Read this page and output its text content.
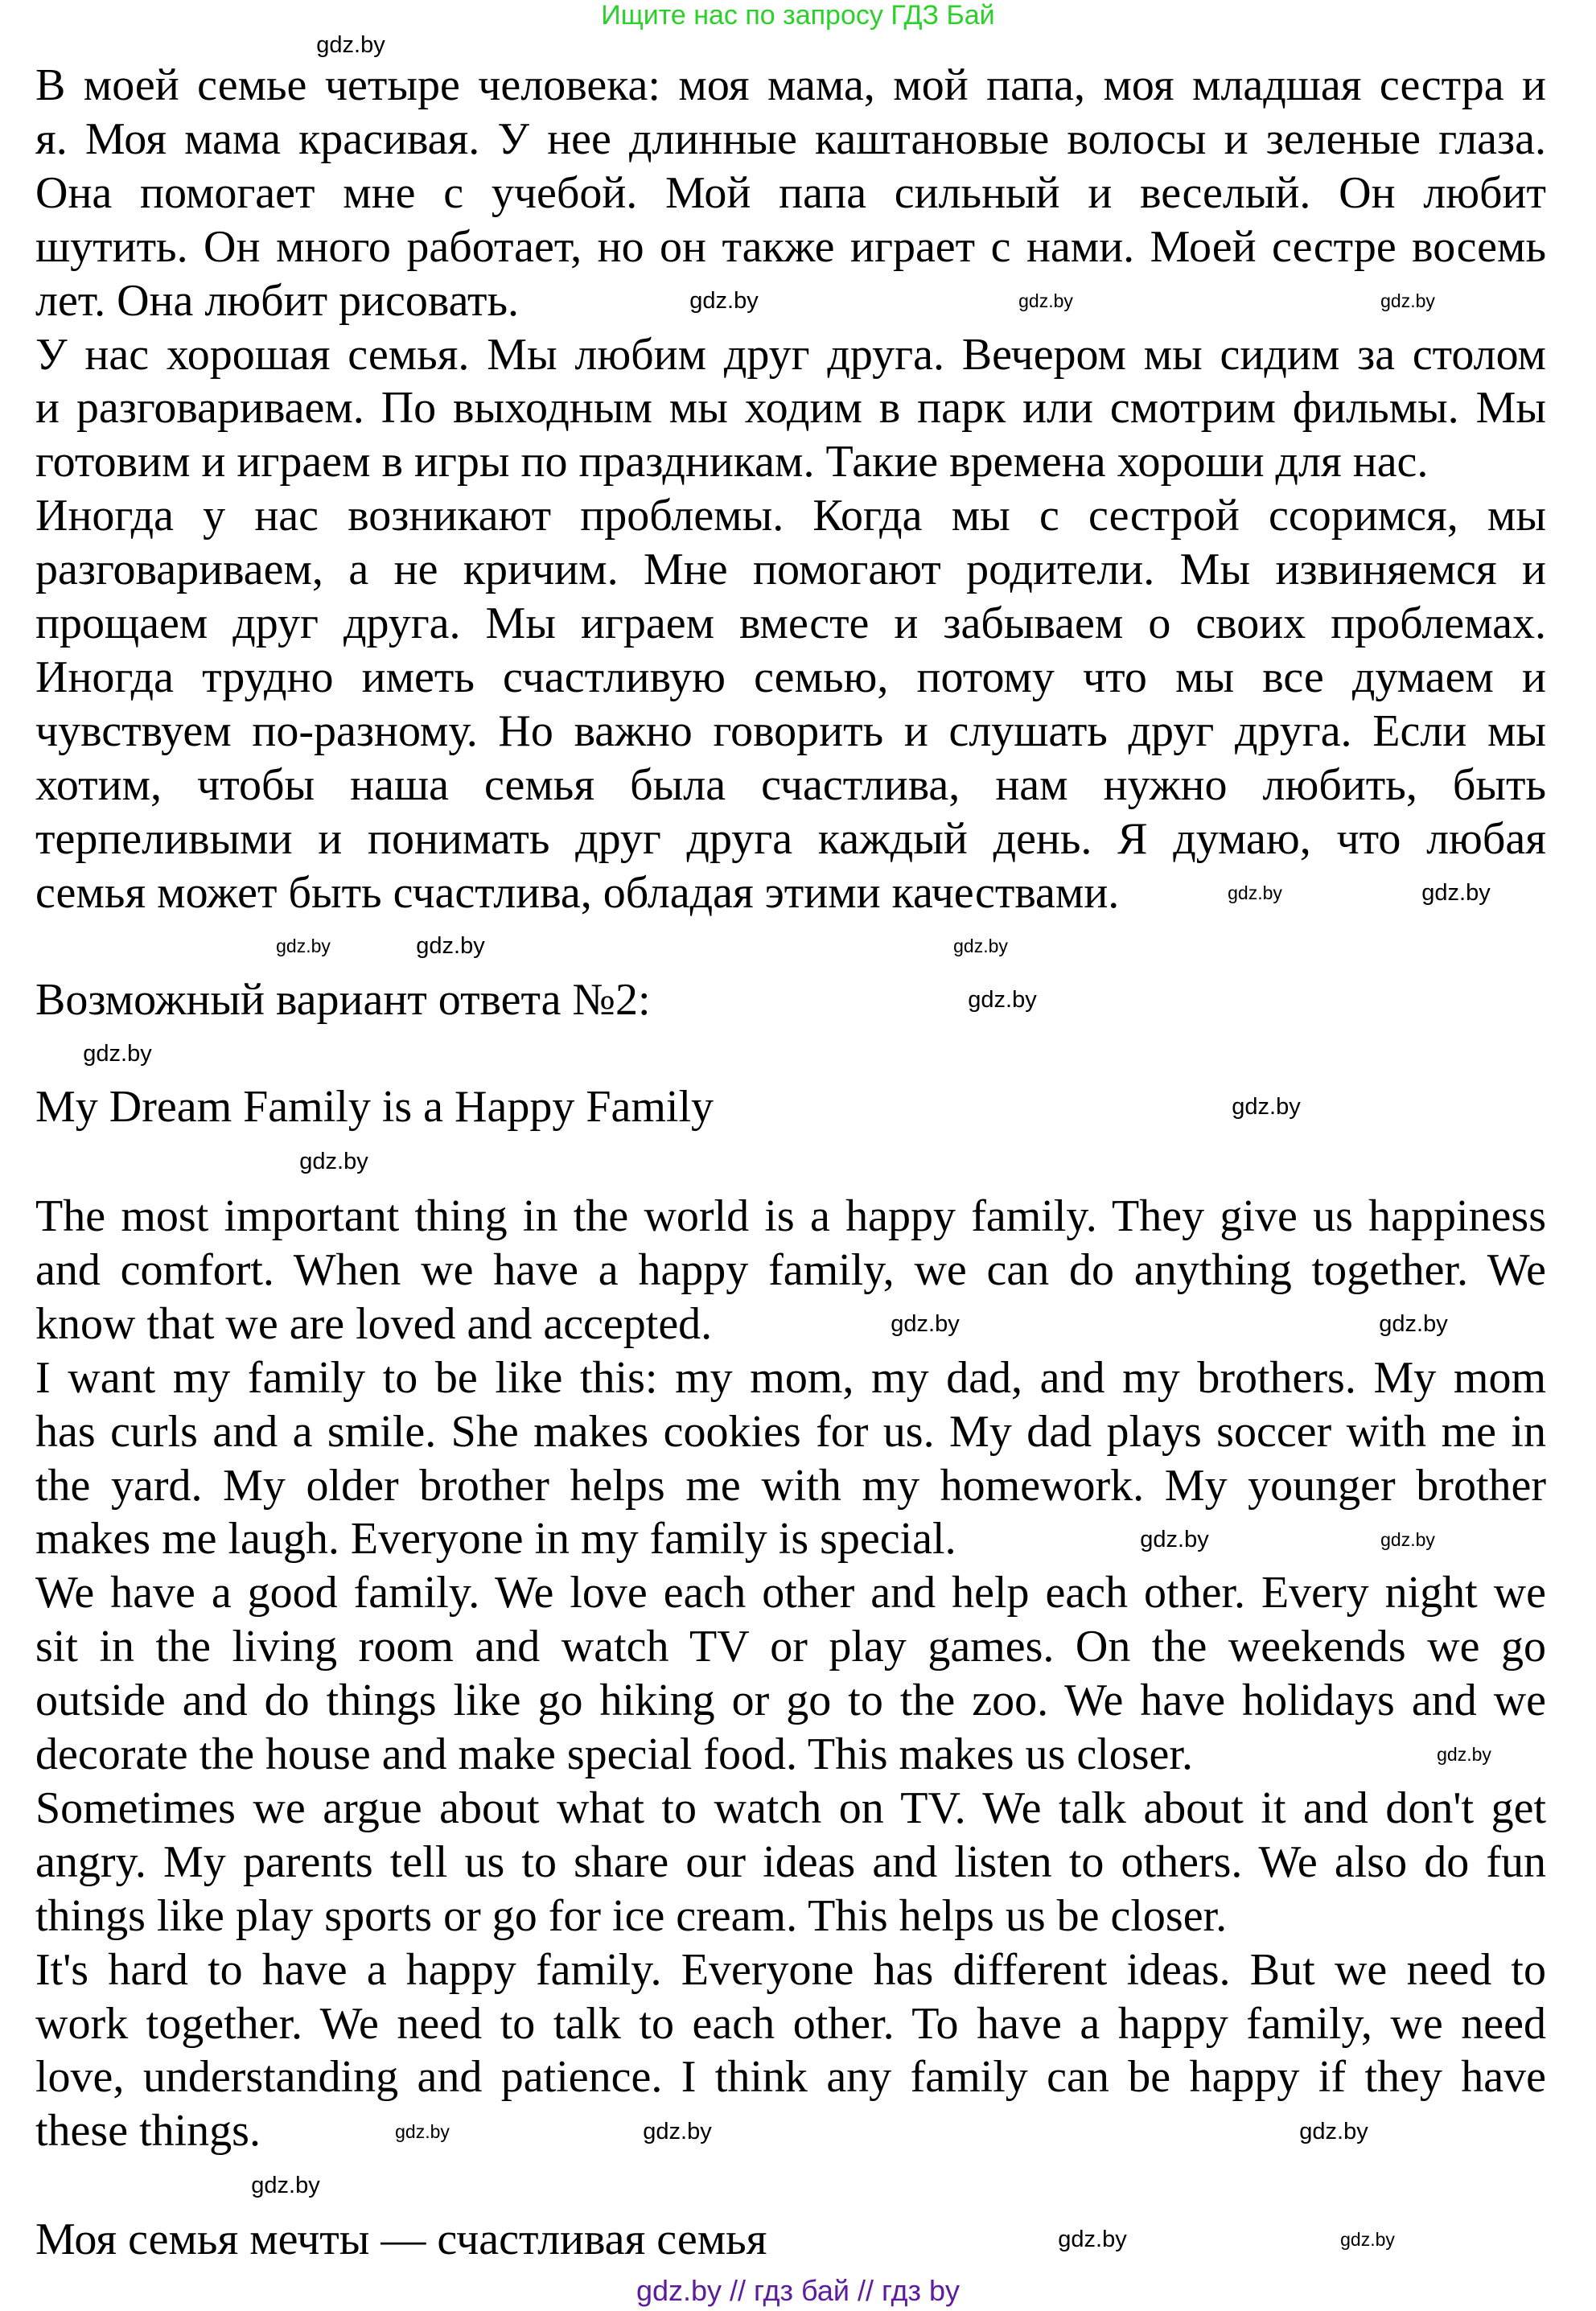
Ищите нас по запросу ГДЗ Бай
В моей семье четыре человека: моя мама, мой папа, моя младшая сестра и
я. Моя мама красивая. У нее длинные каштановые волосы и зеленые глаза.
Она помогает мне с учебой. Мой папа сильный и веселый. Он любит
шутить. Он много работает, но он также играет с нами. Моей сестре восемь
лет. Она любит рисовать.
У нас хорошая семья. Мы любим друг друга. Вечером мы сидим за столом
и разговариваем. По выходным мы ходим в парк или смотрим фильмы. Мы
готовим и играем в игры по праздникам. Такие времена хороши для нас.
Иногда у нас возникают проблемы. Когда мы с сестрой ссоримся, мы
разговариваем, а не кричим. Мне помогают родители. Мы извиняемся и
прощаем друг друга. Мы играем вместе и забываем о своих проблемах.
Иногда трудно иметь счастливую семью, потому что мы все думаем и
чувствуем по-разному. Но важно говорить и слушать друг друга. Если мы
хотим, чтобы наша семья была счастлива, нам нужно любить, быть
терпеливыми и понимать друг друга каждый день. Я думаю, что любая
семья может быть счастлива, обладая этими качествами.
Возможный вариант ответа №2:
My Dream Family is a Happy Family
The most important thing in the world is a happy family. They give us happiness
and comfort. When we have a happy family, we can do anything together. We
know that we are loved and accepted.
I want my family to be like this: my mom, my dad, and my brothers. My mom
has curls and a smile. She makes cookies for us. My dad plays soccer with me in
the yard. My older brother helps me with my homework. My younger brother
makes me laugh. Everyone in my family is special.
We have a good family. We love each other and help each other. Every night we
sit in the living room and watch TV or play games. On the weekends we go
outside and do things like go hiking or go to the zoo. We have holidays and we
decorate the house and make special food. This makes us closer.
Sometimes we argue about what to watch on TV. We talk about it and don't get
angry. My parents tell us to share our ideas and listen to others. We also do fun
things like play sports or go for ice cream. This helps us be closer.
It's hard to have a happy family. Everyone has different ideas. But we need to
work together. We need to talk to each other. To have a happy family, we need
love, understanding and patience. I think any family can be happy if they have
these things.
Моя семья мечты — счастливая семья
gdz.by
gdz.by	gdz.by	gdz.by
gdz.by	gdz.by
gdz.by	gdz.by	gdz.by
gdz.by
gdz.by
gdz.by
gdz.by
gdz.by
gdz.by
gdz.by	gdz.by
gdz.by
gdz.by	gdz.by
gdz.by
gdz.by
gdz.by	gdz.by
gdz.by // гдз бай // гдз by
